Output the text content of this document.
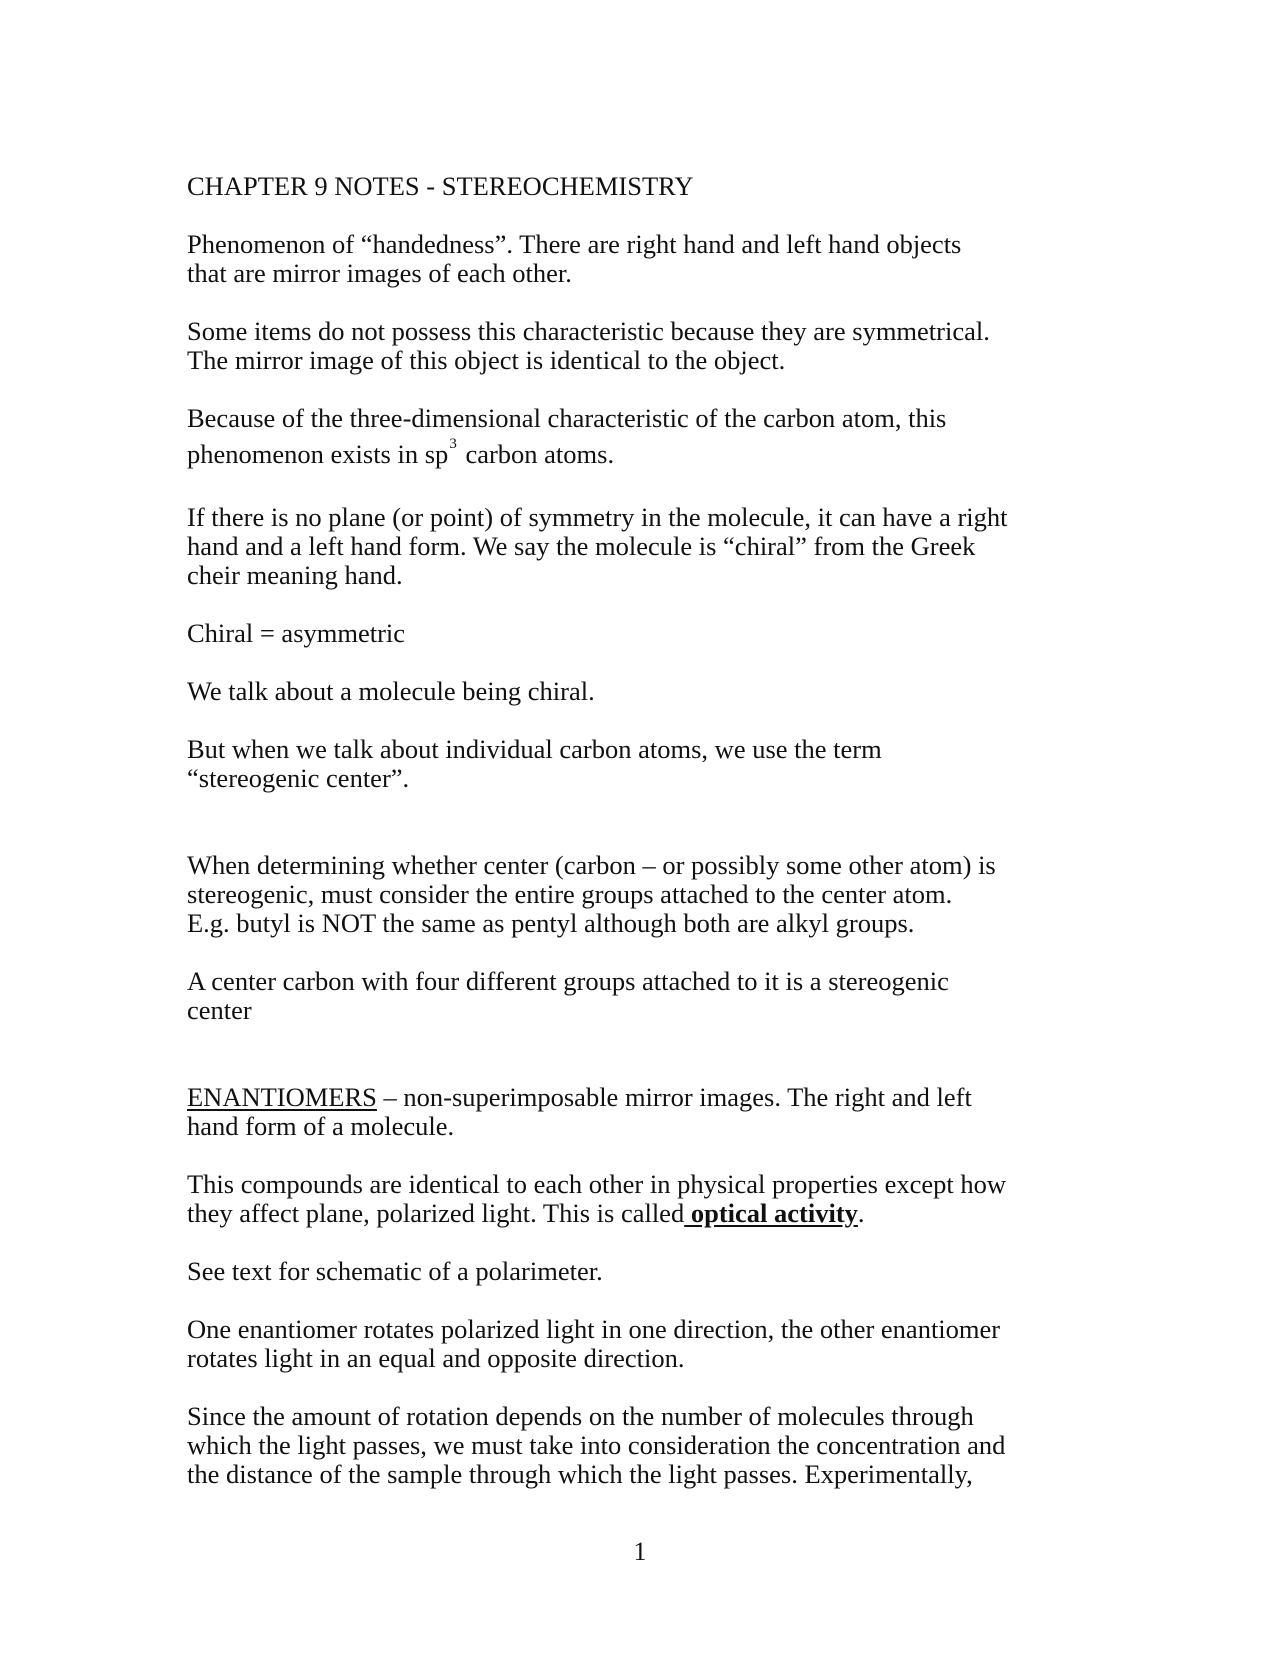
CHAPTER 9 NOTES - STEREOCHEMISTRY

Phenomenon of “handedness”. There are right hand and left hand objects

that are mirror images of each other.

Some items do not possess this characteristic because they are symmetrical.

The mirror image of this object is identical to the object.

Because of the three-dimensional characteristic of the carbon atom, this

phenomenon exists in $sp^3$ carbon atoms.

If there is no plane (or point) of symmetry in the molecule, it can have a right

hand and a left hand form. We say the molecule is “chiral” from the Greek

cheir meaning hand.

Chiral = asymmetric

We talk about a molecule being chiral.

But when we talk about individual carbon atoms, we use the term

“stereogenic center”.

When determining whether center (carbon – or possibly some other atom) is

stereogenic, must consider the entire groups attached to the center atom.

E.g. butyl is NOT the same as pentyl although both are alkyl groups.

A center carbon with four different groups attached to it is a stereogenic

center

ENANTIOMERS – non-superimposable mirror images. The right and left

hand form of a molecule.

This compounds are identical to each other in physical properties except how

they affect plane, polarized light. This is called optical activity.

See text for schematic of a polarimeter.

One enantiomer rotates polarized light in one direction, the other enantiomer

rotates light in an equal and opposite direction.

Since the amount of rotation depends on the number of molecules through

which the light passes, we must take into consideration the concentration and

the distance of the sample through which the light passes. Experimentally,

1
